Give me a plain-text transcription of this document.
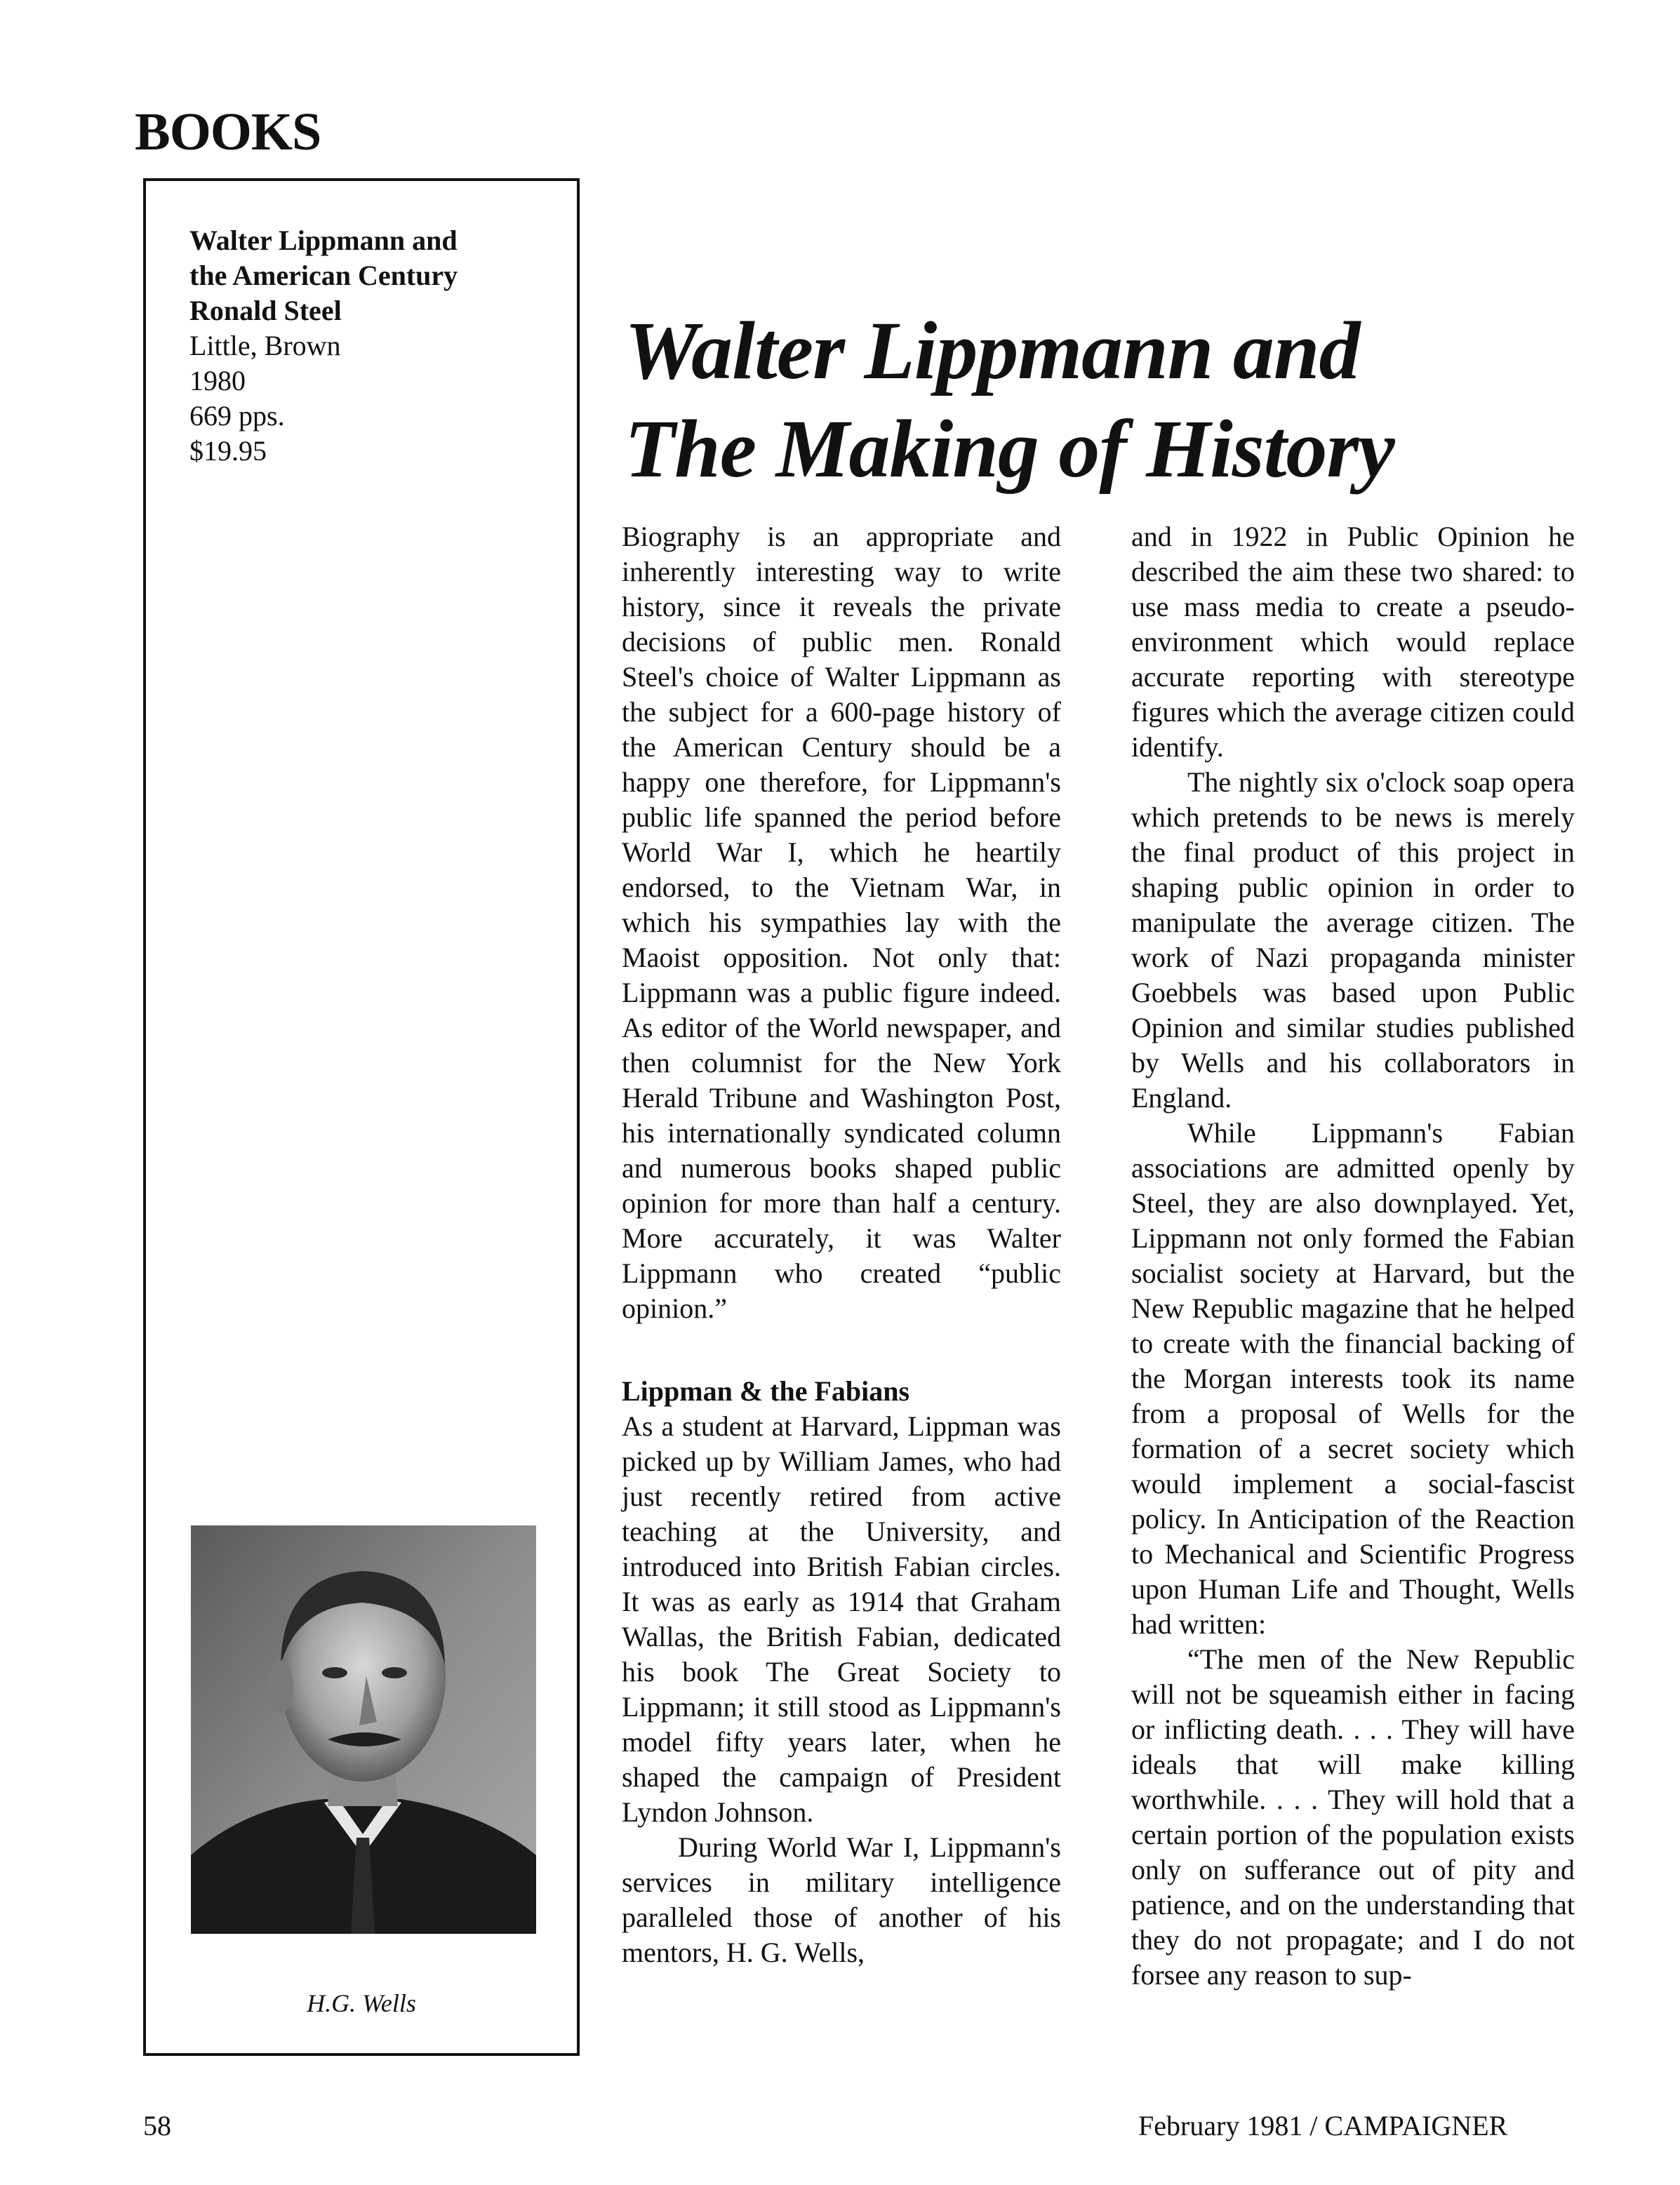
BOOKS
Walter Lippmann and
the American Century
Ronald Steel
Little, Brown
1980
669 pps.
$19.95
H.G. Wells
Walter Lippmann and
The Making of History

Biography is an appropriate and inherently interesting way to write history, since it reveals the private decisions of public men. Ronald Steel's choice of Walter Lippmann as the subject for a 600-page history of the American Century should be a happy one therefore, for Lippmann's public life spanned the period before World War I, which he heartily endorsed, to the Vietnam War, in which his sympathies lay with the Maoist opposition. Not only that: Lippmann was a public figure indeed. As editor of the World newspaper, and then columnist for the New York Herald Tribune and Washington Post, his internationally syndicated column and numerous books shaped public opinion for more than half a century. More accurately, it was Walter Lippmann who created “public opinion.”

Lippman & the Fabians

As a student at Harvard, Lippman was picked up by William James, who had just recently retired from active teaching at the University, and introduced into British Fabian circles. It was as early as 1914 that Graham Wallas, the British Fabian, dedicated his book The Great Society to Lippmann; it still stood as Lippmann's model fifty years later, when he shaped the campaign of President Lyndon Johnson.

During World War I, Lippmann's services in military intelligence paralleled those of another of his mentors, H. G. Wells,

and in 1922 in Public Opinion he described the aim these two shared: to use mass media to create a pseudo-environment which would replace accurate reporting with stereotype figures which the average citizen could identify.

The nightly six o'clock soap opera which pretends to be news is merely the final product of this project in shaping public opinion in order to manipulate the average citizen. The work of Nazi propaganda minister Goebbels was based upon Public Opinion and similar studies published by Wells and his collaborators in England.

While Lippmann's Fabian associations are admitted openly by Steel, they are also downplayed. Yet, Lippmann not only formed the Fabian socialist society at Harvard, but the New Republic magazine that he helped to create with the financial backing of the Morgan interests took its name from a proposal of Wells for the formation of a secret society which would implement a social-fascist policy. In Anticipation of the Reaction to Mechanical and Scientific Progress upon Human Life and Thought, Wells had written:

“The men of the New Republic will not be squeamish either in facing or inflicting death. . . . They will have ideals that will make killing worthwhile. . . . They will hold that a certain portion of the population exists only on sufferance out of pity and patience, and on the understanding that they do not propagate; and I do not forsee any reason to sup-

58	February 1981 / CAMPAIGNER
